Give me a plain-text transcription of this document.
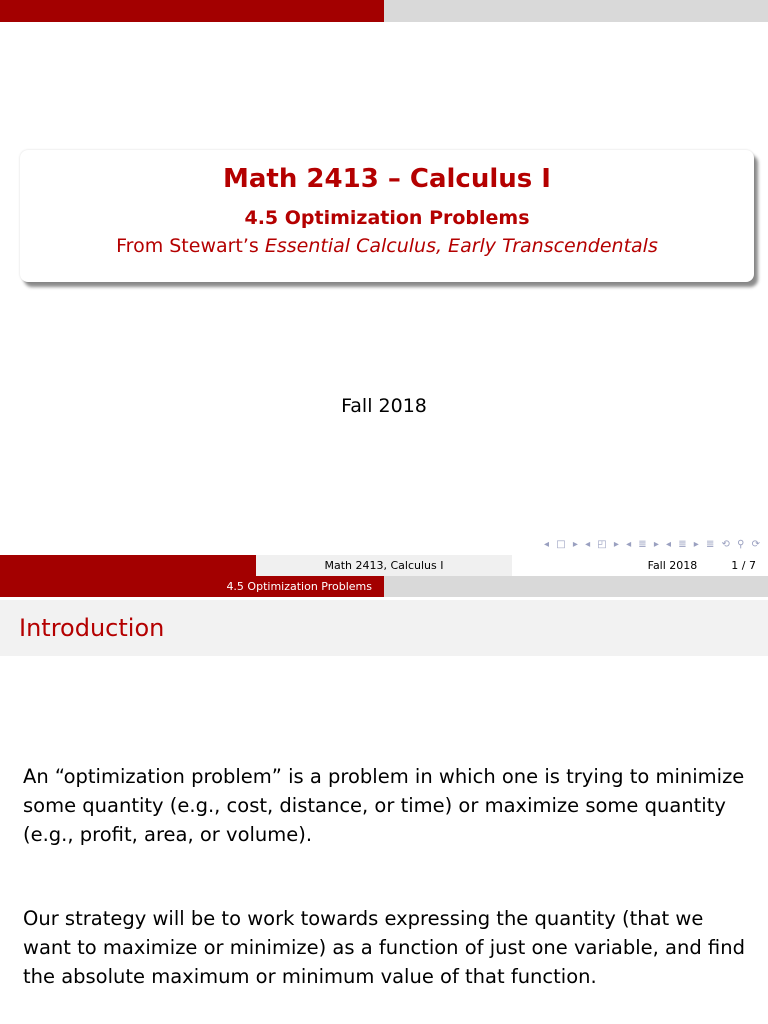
Math 2413 – Calculus I
4.5 Optimization Problems
From Stewart’s Essential Calculus, Early Transcendentals
Fall 2018
◂ □ ▸ ◂ ◰ ▸ ◂ ≣ ▸ ◂ ≣ ▸ ≣ ⟲ ⚲ ⟳
Math 2413, Calculus I	Fall 2018	1 / 7
4.5 Optimization Problems
Introduction
An “optimization problem” is a problem in which one is trying to minimize some quantity (e.g., cost, distance, or time) or maximize some quantity (e.g., profit, area, or volume).
Our strategy will be to work towards expressing the quantity (that we want to maximize or minimize) as a function of just one variable, and find the absolute maximum or minimum value of that function.
